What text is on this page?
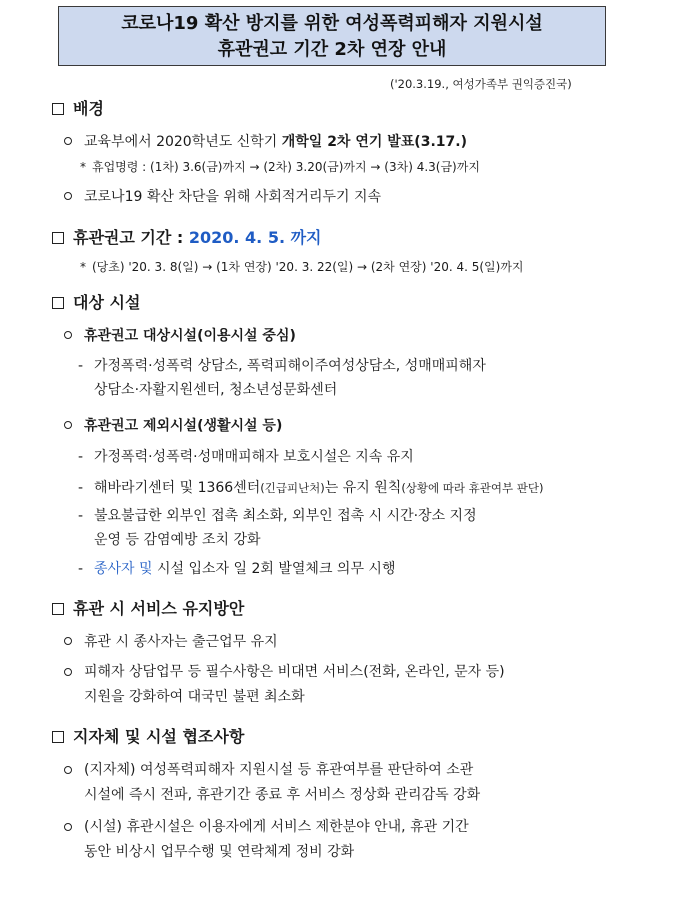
코로나19 확산 방지를 위한 여성폭력피해자 지원시설
휴관권고 기간 2차 연장 안내
('20.3.19., 여성가족부 권익증진국)
배경
교육부에서 2020학년도 신학기 개학일 2차 연기 발표(3.17.)
* 휴업명령 : (1차) 3.6(금)까지 → (2차) 3.20(금)까지 → (3차) 4.3(금)까지
코로나19 확산 차단을 위해 사회적거리두기 지속
휴관권고 기간 : 2020. 4. 5. 까지
* (당초) '20. 3. 8(일) → (1차 연장) '20. 3. 22(일) → (2차 연장) '20. 4. 5(일)까지
대상 시설
휴관권고 대상시설(이용시설 중심)
- 가정폭력·성폭력 상담소, 폭력피해이주여성상담소, 성매매피해자
상담소·자활지원센터, 청소년성문화센터
휴관권고 제외시설(생활시설 등)
- 가정폭력·성폭력·성매매피해자 보호시설은 지속 유지
- 해바라기센터 및 1366센터(긴급피난처)는 유지 원칙(상황에 따라 휴관여부 판단)
- 불요불급한 외부인 접촉 최소화, 외부인 접촉 시 시간·장소 지정
운영 등 감염예방 조치 강화
- 종사자 및 시설 입소자 일 2회 발열체크 의무 시행
휴관 시 서비스 유지방안
휴관 시 종사자는 출근업무 유지
피해자 상담업무 등 필수사항은 비대면 서비스(전화, 온라인, 문자 등)
지원을 강화하여 대국민 불편 최소화
지자체 및 시설 협조사항
(지자체) 여성폭력피해자 지원시설 등 휴관여부를 판단하여 소관
시설에 즉시 전파, 휴관기간 종료 후 서비스 정상화 관리감독 강화
(시설) 휴관시설은 이용자에게 서비스 제한분야 안내, 휴관 기간
동안 비상시 업무수행 및 연락체계 정비 강화
